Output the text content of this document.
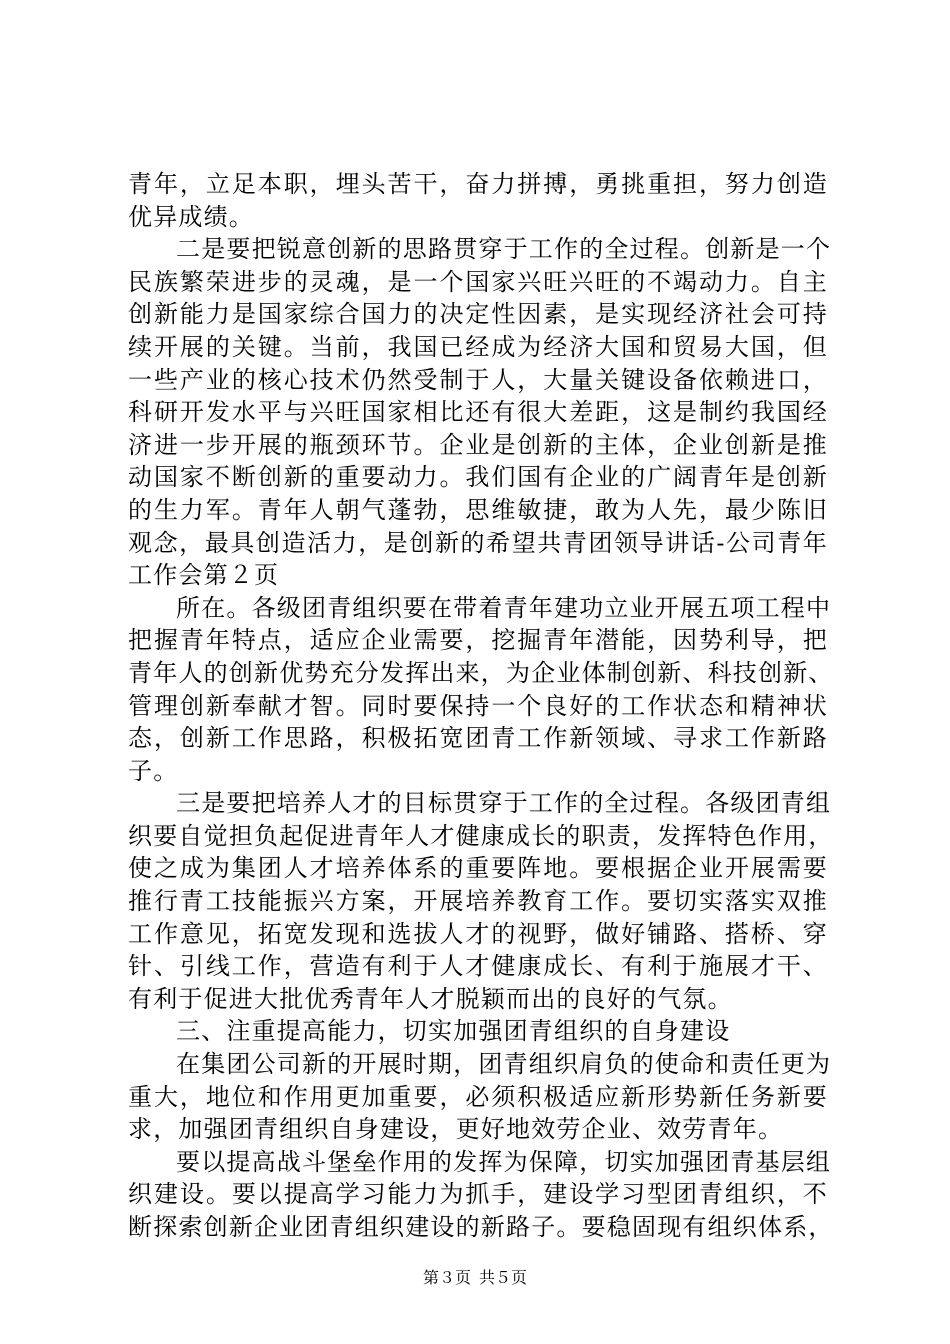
青年，立足本职，埋头苦干，奋力拼搏，勇挑重担，努力创造
优异成绩。
二是要把锐意创新的思路贯穿于工作的全过程。创新是一个
民族繁荣进步的灵魂，是一个国家兴旺兴旺的不竭动力。自主
创新能力是国家综合国力的决定性因素，是实现经济社会可持
续开展的关键。当前，我国已经成为经济大国和贸易大国，但
一些产业的核心技术仍然受制于人，大量关键设备依赖进口，
科研开发水平与兴旺国家相比还有很大差距，这是制约我国经
济进一步开展的瓶颈环节。企业是创新的主体，企业创新是推
动国家不断创新的重要动力。我们国有企业的广阔青年是创新
的生力军。青年人朝气蓬勃，思维敏捷，敢为人先，最少陈旧
观念，最具创造活力，是创新的希望共青团领导讲话-公司青年
工作会第２页
所在。各级团青组织要在带着青年建功立业开展五项工程中
把握青年特点，适应企业需要，挖掘青年潜能，因势利导，把
青年人的创新优势充分发挥出来，为企业体制创新、科技创新、
管理创新奉献才智。同时要保持一个良好的工作状态和精神状
态，创新工作思路，积极拓宽团青工作新领域、寻求工作新路
子。
三是要把培养人才的目标贯穿于工作的全过程。各级团青组
织要自觉担负起促进青年人才健康成长的职责，发挥特色作用，
使之成为集团人才培养体系的重要阵地。要根据企业开展需要
推行青工技能振兴方案，开展培养教育工作。要切实落实双推
工作意见，拓宽发现和选拔人才的视野，做好铺路、搭桥、穿
针、引线工作，营造有利于人才健康成长、有利于施展才干、
有利于促进大批优秀青年人才脱颖而出的良好的气氛。
三、注重提高能力，切实加强团青组织的自身建设
在集团公司新的开展时期，团青组织肩负的使命和责任更为
重大，地位和作用更加重要，必须积极适应新形势新任务新要
求，加强团青组织自身建设，更好地效劳企业、效劳青年。
要以提高战斗堡垒作用的发挥为保障，切实加强团青基层组
织建设。要以提高学习能力为抓手，建设学习型团青组织，不
断探索创新企业团青组织建设的新路子。要稳固现有组织体系，
第３页 共５页
